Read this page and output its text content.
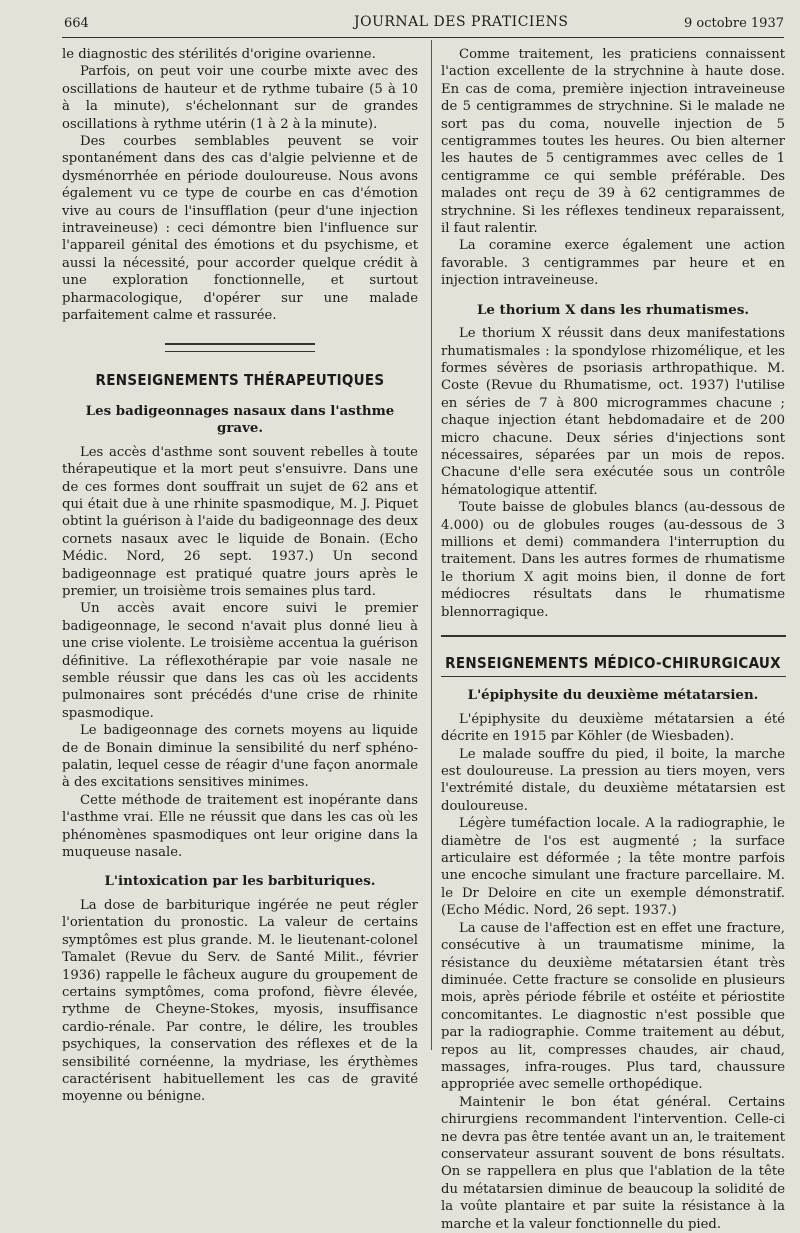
664	JOURNAL DES PRATICIENS	9 octobre 1937

le diagnostic des stérilités d'origine ovarienne.

Parfois, on peut voir une courbe mixte avec des oscillations de hauteur et de rythme tubaire (5 à 10 à la minute), s'échelonnant sur de grandes oscillations à rythme utérin (1 à 2 à la minute).

Des courbes semblables peuvent se voir spontanément dans des cas d'algie pelvienne et de dysménorrhée en période douloureuse. Nous avons également vu ce type de courbe en cas d'émotion vive au cours de l'insufflation (peur d'une injection intraveineuse) : ceci démontre bien l'influence sur l'appareil génital des émotions et du psychisme, et aussi la nécessité, pour accorder quelque crédit à une exploration fonctionnelle, et surtout pharmacologique, d'opérer sur une malade parfaitement calme et rassurée.

RENSEIGNEMENTS THÉRAPEUTIQUES
Les badigeonnages nasaux dans l'asthme grave.

Les accès d'asthme sont souvent rebelles à toute thérapeutique et la mort peut s'ensuivre. Dans une de ces formes dont souffrait un sujet de 62 ans et qui était due à une rhinite spasmodique, M. J. Piquet obtint la guérison à l'aide du badigeonnage des deux cornets nasaux avec le liquide de Bonain. (Echo Médic. Nord, 26 sept. 1937.) Un second badigeonnage est pratiqué quatre jours après le premier, un troisième trois semaines plus tard.

Un accès avait encore suivi le premier badigeonnage, le second n'avait plus donné lieu à une crise violente. Le troisième accentua la guérison définitive. La réflexothérapie par voie nasale ne semble réussir que dans les cas où les accidents pulmonaires sont précédés d'une crise de rhinite spasmodique.

Le badigeonnage des cornets moyens au liquide de de Bonain diminue la sensibilité du nerf sphéno-palatin, lequel cesse de réagir d'une façon anormale à des excitations sensitives minimes.

Cette méthode de traitement est inopérante dans l'asthme vrai. Elle ne réussit que dans les cas où les phénomènes spasmodiques ont leur origine dans la muqueuse nasale.

L'intoxication par les barbituriques.

La dose de barbiturique ingérée ne peut régler l'orientation du pronostic. La valeur de certains symptômes est plus grande. M. le lieutenant-colonel Tamalet (Revue du Serv. de Santé Milit., février 1936) rappelle le fâcheux augure du groupement de certains symptômes, coma profond, fièvre élevée, rythme de Cheyne-Stokes, myosis, insuffisance cardio-rénale. Par contre, le délire, les troubles psychiques, la conservation des réflexes et de la sensibilité cornéenne, la mydriase, les érythèmes caractérisent habituellement les cas de gravité moyenne ou bénigne.

Comme traitement, les praticiens connaissent l'action excellente de la strychnine à haute dose. En cas de coma, première injection intraveineuse de 5 centigrammes de strychnine. Si le malade ne sort pas du coma, nouvelle injection de 5 centigrammes toutes les heures. Ou bien alterner les hautes de 5 centigrammes avec celles de 1 centigramme ce qui semble préférable. Des malades ont reçu de 39 à 62 centigrammes de strychnine. Si les réflexes tendineux reparaissent, il faut ralentir.

La coramine exerce également une action favorable. 3 centigrammes par heure et en injection intraveineuse.

Le thorium X dans les rhumatismes.

Le thorium X réussit dans deux manifestations rhumatismales : la spondylose rhizomélique, et les formes sévères de psoriasis arthropathique. M. Coste (Revue du Rhumatisme, oct. 1937) l'utilise en séries de 7 à 800 microgrammes chacune ; chaque injection étant hebdomadaire et de 200 micro chacune. Deux séries d'injections sont nécessaires, séparées par un mois de repos. Chacune d'elle sera exécutée sous un contrôle hématologique attentif.

Toute baisse de globules blancs (au-dessous de 4.000) ou de globules rouges (au-dessous de 3 millions et demi) commandera l'interruption du traitement. Dans les autres formes de rhumatisme le thorium X agit moins bien, il donne de fort médiocres résultats dans le rhumatisme blennorragique.

RENSEIGNEMENTS MÉDICO-CHIRURGICAUX
L'épiphysite du deuxième métatarsien.

L'épiphysite du deuxième métatarsien a été décrite en 1915 par Köhler (de Wiesbaden).

Le malade souffre du pied, il boite, la marche est douloureuse. La pression au tiers moyen, vers l'extrémité distale, du deuxième métatarsien est douloureuse.

Légère tuméfaction locale. A la radiographie, le diamètre de l'os est augmenté ; la surface articulaire est déformée ; la tête montre parfois une encoche simulant une fracture parcellaire. M. le Dr Deloire en cite un exemple démonstratif. (Echo Médic. Nord, 26 sept. 1937.)

La cause de l'affection est en effet une fracture, consécutive à un traumatisme minime, la résistance du deuxième métatarsien étant très diminuée. Cette fracture se consolide en plusieurs mois, après période fébrile et ostéite et périostite concomitantes. Le diagnostic n'est possible que par la radiographie. Comme traitement au début, repos au lit, compresses chaudes, air chaud, massages, infra-rouges. Plus tard, chaussure appropriée avec semelle orthopédique.

Maintenir le bon état général. Certains chirurgiens recommandent l'intervention. Celle-ci ne devra pas être tentée avant un an, le traitement conservateur assurant souvent de bons résultats. On se rappellera en plus que l'ablation de la tête du métatarsien diminue de beaucoup la solidité de la voûte plantaire et par suite la résistance à la marche et la valeur fonctionnelle du pied.
